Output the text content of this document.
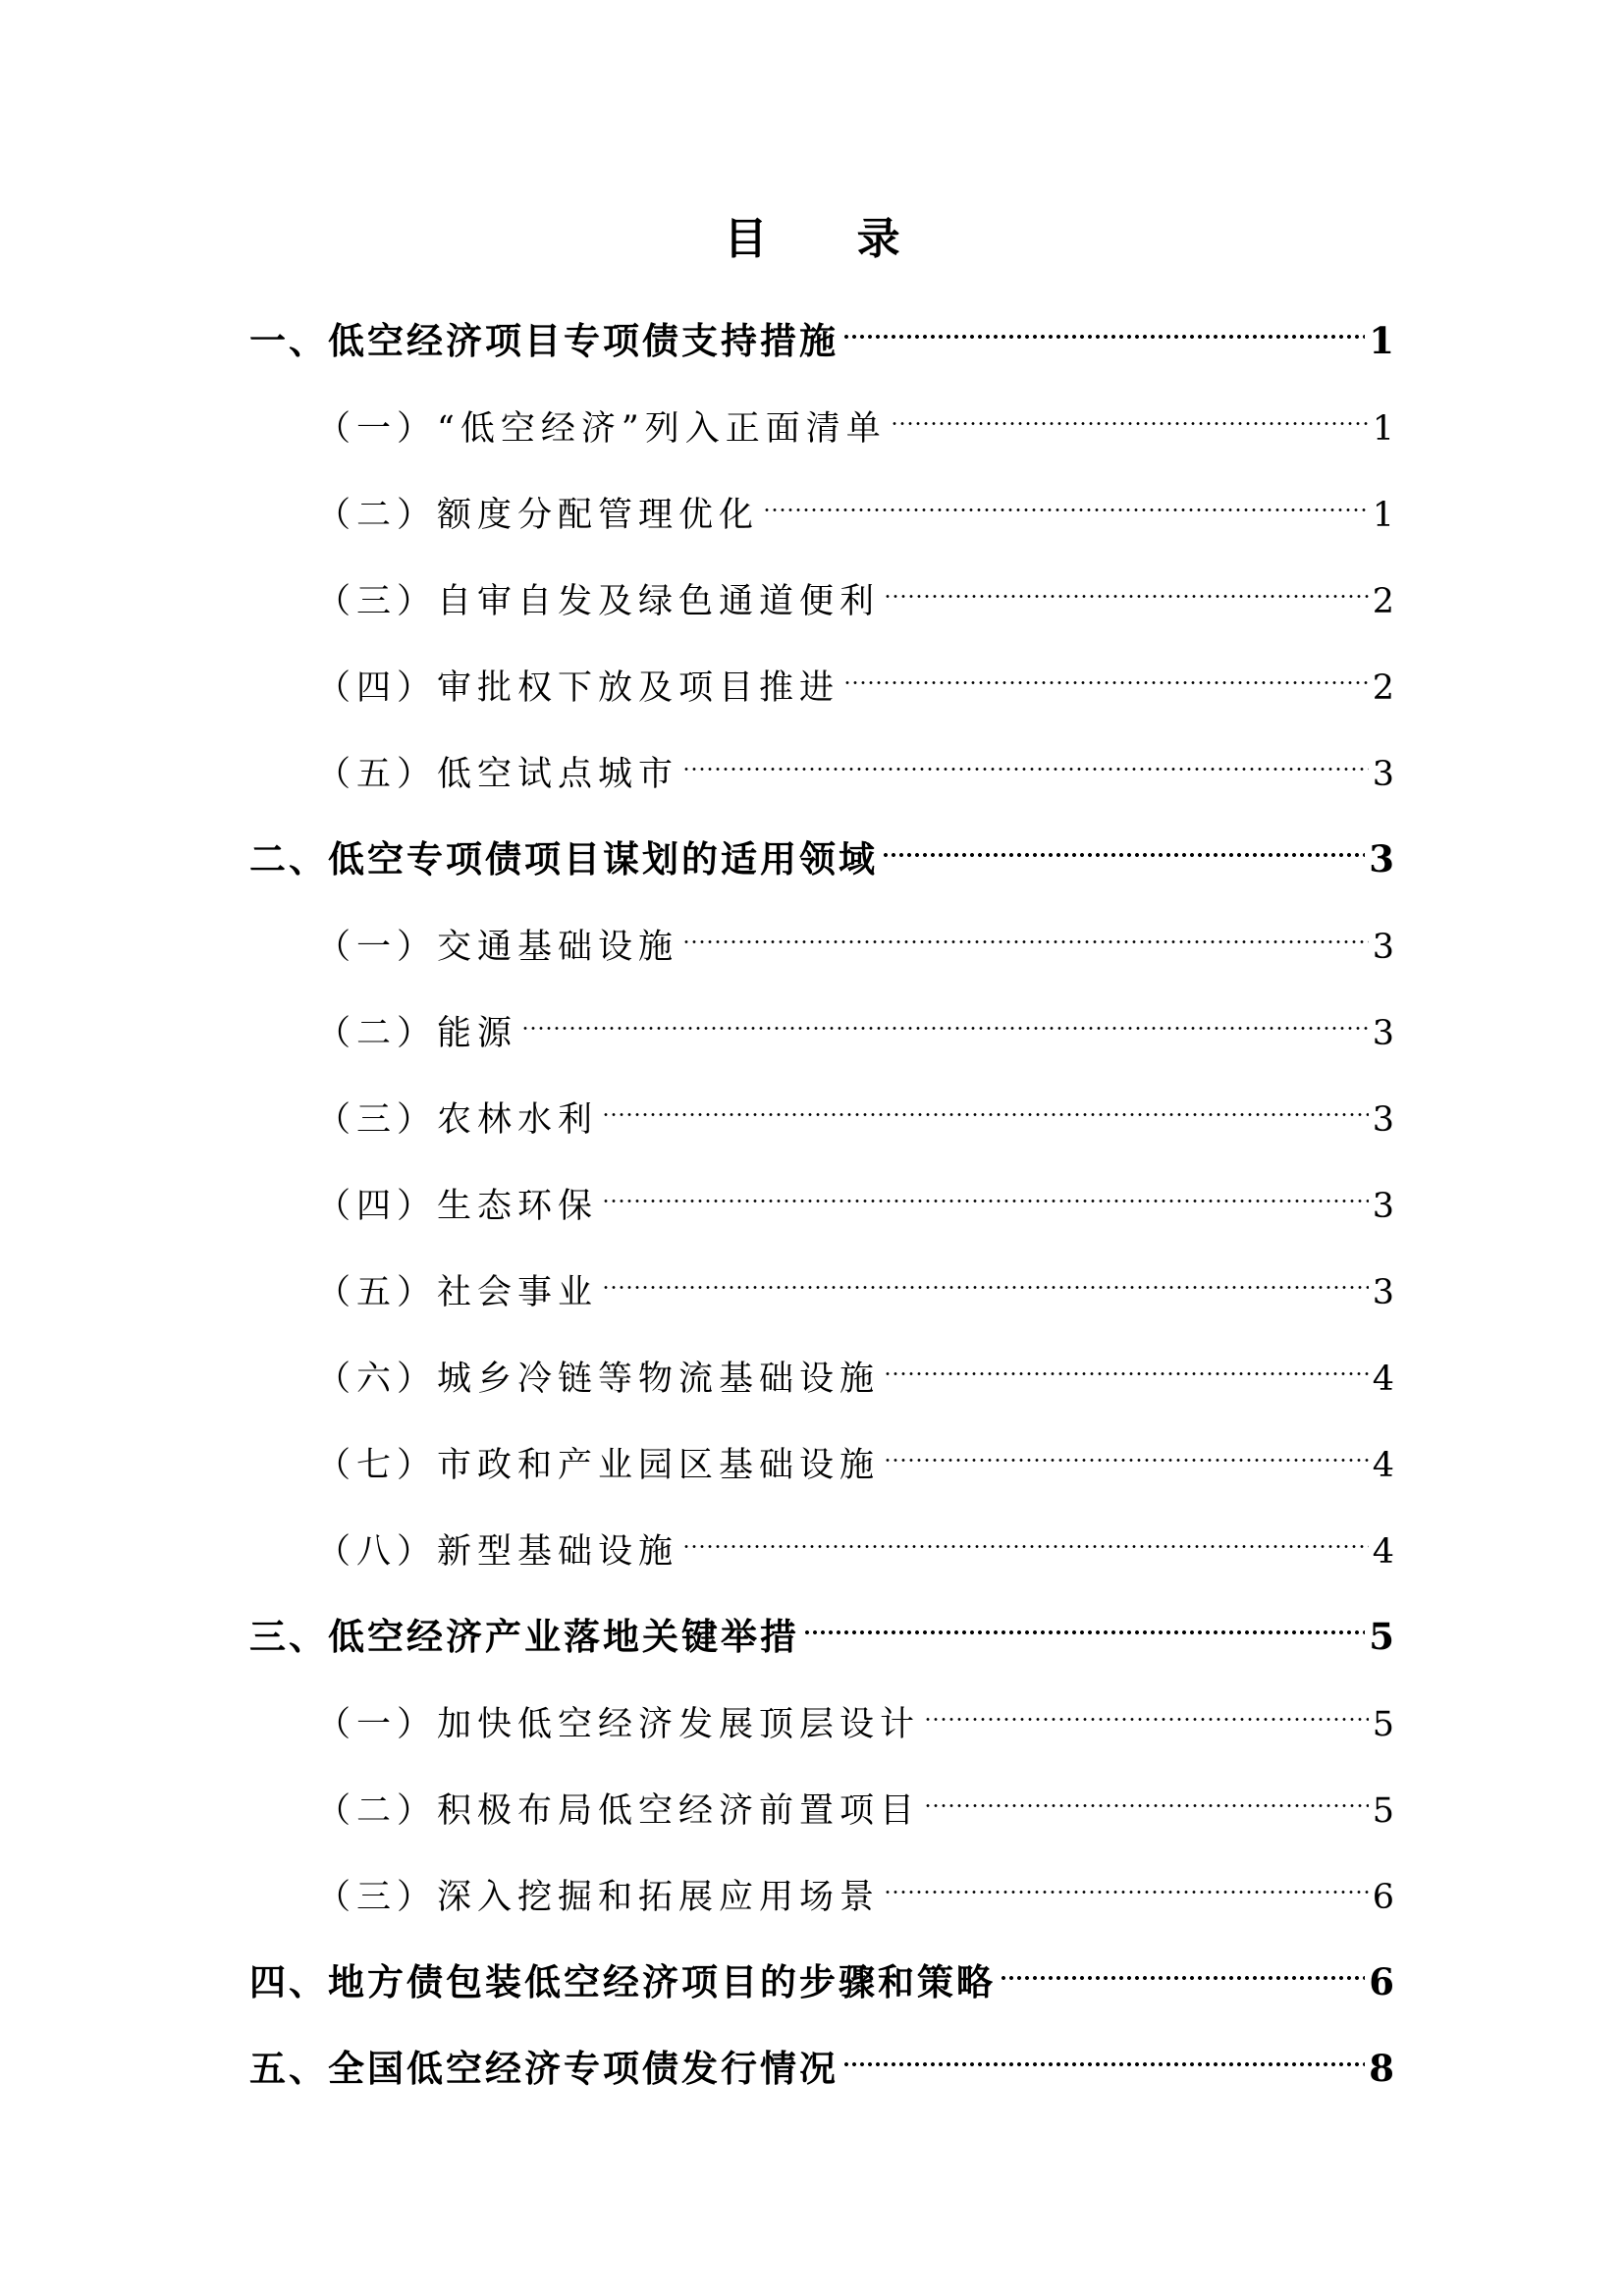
目 录
一、低空经济项目专项债支持措施	1
（一）“低空经济”列入正面清单	1
（二）额度分配管理优化	1
（三）自审自发及绿色通道便利	2
（四）审批权下放及项目推进	2
（五）低空试点城市	3
二、低空专项债项目谋划的适用领域	3
（一）交通基础设施	3
（二）能源	3
（三）农林水利	3
（四）生态环保	3
（五）社会事业	3
（六）城乡冷链等物流基础设施	4
（七）市政和产业园区基础设施	4
（八）新型基础设施	4
三、低空经济产业落地关键举措	5
（一）加快低空经济发展顶层设计	5
（二）积极布局低空经济前置项目	5
（三）深入挖掘和拓展应用场景	6
四、地方债包装低空经济项目的步骤和策略	6
五、全国低空经济专项债发行情况	8
